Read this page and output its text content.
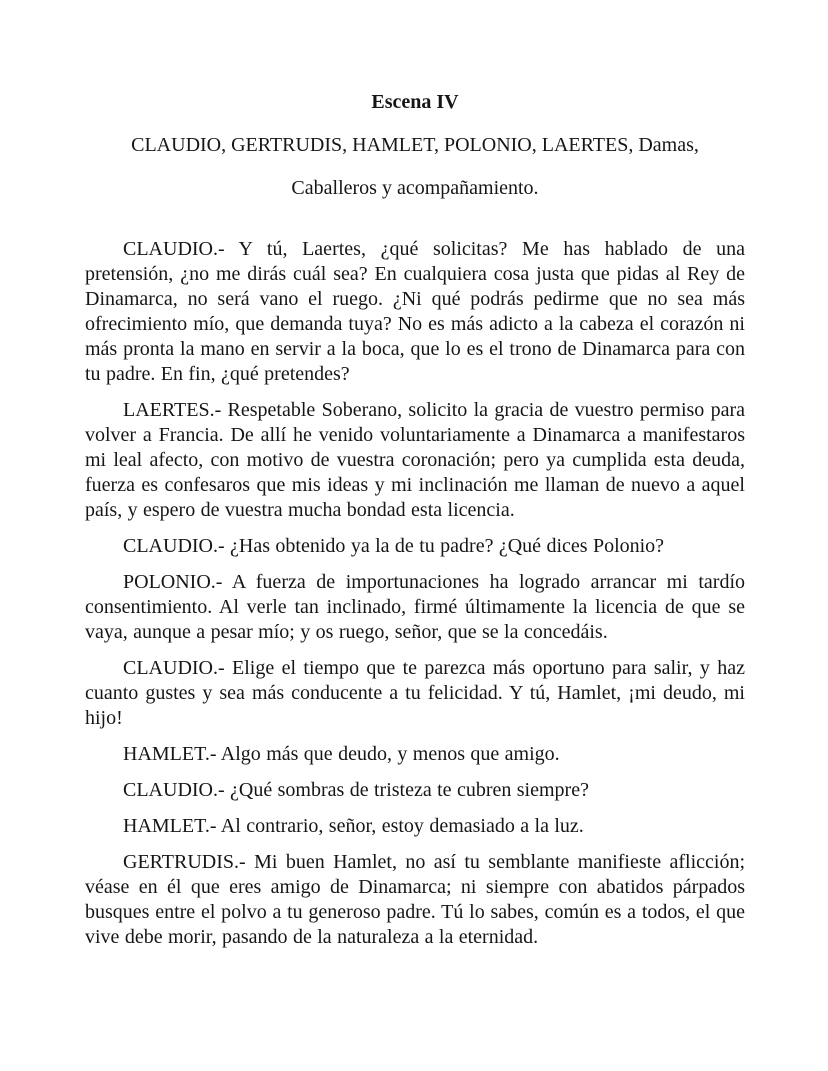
Escena IV

CLAUDIO, GERTRUDIS, HAMLET, POLONIO, LAERTES, Damas,

Caballeros y acompañamiento.

CLAUDIO.- Y tú, Laertes, ¿qué solicitas? Me has hablado de una pretensión, ¿no me dirás cuál sea? En cualquiera cosa justa que pidas al Rey de Dinamarca, no será vano el ruego. ¿Ni qué podrás pedirme que no sea más ofrecimiento mío, que demanda tuya? No es más adicto a la cabeza el corazón ni más pronta la mano en servir a la boca, que lo es el trono de Dinamarca para con tu padre. En fin, ¿qué pretendes?

LAERTES.- Respetable Soberano, solicito la gracia de vuestro permiso para volver a Francia. De allí he venido voluntariamente a Dinamarca a manifestaros mi leal afecto, con motivo de vuestra coronación; pero ya cumplida esta deuda, fuerza es confesaros que mis ideas y mi inclinación me llaman de nuevo a aquel país, y espero de vuestra mucha bondad esta licencia.

CLAUDIO.- ¿Has obtenido ya la de tu padre? ¿Qué dices Polonio?

POLONIO.- A fuerza de importunaciones ha logrado arrancar mi tardío consentimiento. Al verle tan inclinado, firmé últimamente la licencia de que se vaya, aunque a pesar mío; y os ruego, señor, que se la concedáis.

CLAUDIO.- Elige el tiempo que te parezca más oportuno para salir, y haz cuanto gustes y sea más conducente a tu felicidad. Y tú, Hamlet, ¡mi deudo, mi hijo!

HAMLET.- Algo más que deudo, y menos que amigo.

CLAUDIO.- ¿Qué sombras de tristeza te cubren siempre?

HAMLET.- Al contrario, señor, estoy demasiado a la luz.

GERTRUDIS.- Mi buen Hamlet, no así tu semblante manifieste aflicción; véase en él que eres amigo de Dinamarca; ni siempre con abatidos párpados busques entre el polvo a tu generoso padre. Tú lo sabes, común es a todos, el que vive debe morir, pasando de la naturaleza a la eternidad.
